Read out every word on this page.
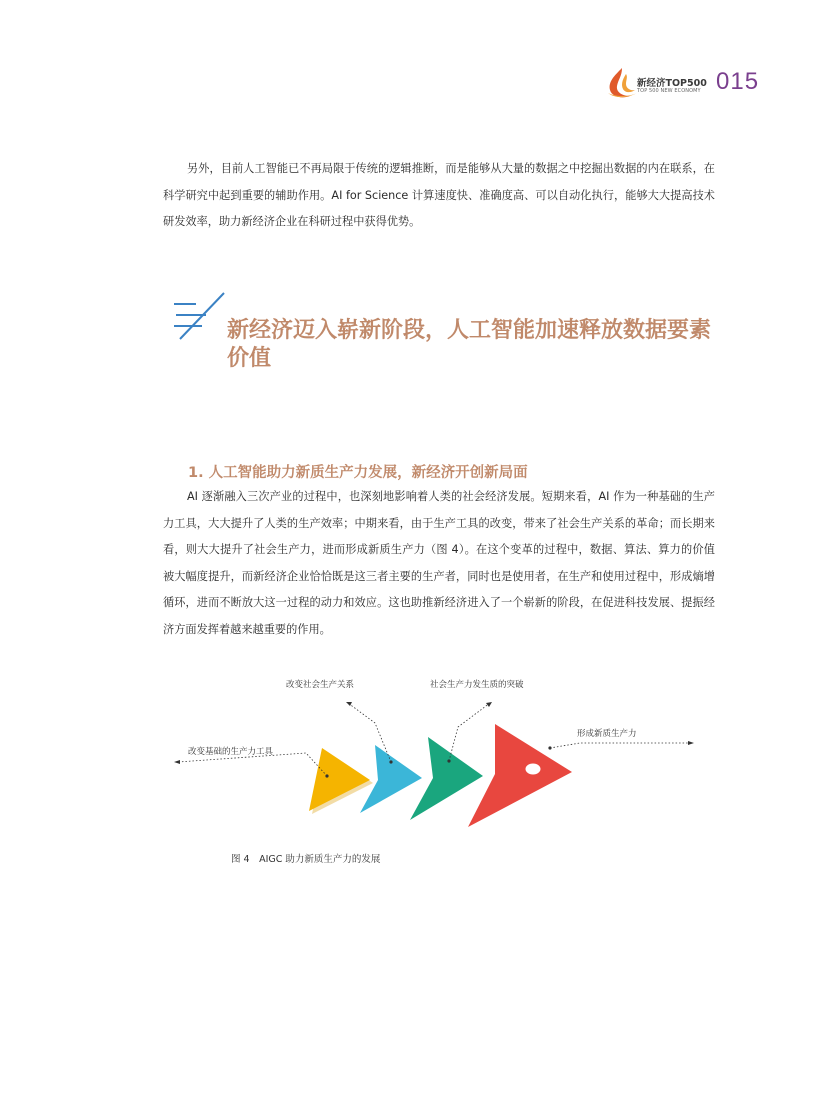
新经济TOP500
TOP 500 NEW ECONOMY 015

另外，目前人工智能已不再局限于传统的逻辑推断，而是能够从大量的数据之中挖掘出数据的内在联系，在科学研究中起到重要的辅助作用。AI for Science 计算速度快、准确度高、可以自动化执行，能够大大提高技术研发效率，助力新经济企业在科研过程中获得优势。

新经济迈入崭新阶段，人工智能加速释放数据要素价值
1. 人工智能助力新质生产力发展，新经济开创新局面

AI 逐渐融入三次产业的过程中，也深刻地影响着人类的社会经济发展。短期来看，AI 作为一种基础的生产力工具，大大提升了人类的生产效率；中期来看，由于生产工具的改变，带来了社会生产关系的革命；而长期来看，则大大提升了社会生产力，进而形成新质生产力（图 4）。在这个变革的过程中，数据、算法、算力的价值被大幅度提升，而新经济企业恰恰既是这三者主要的生产者，同时也是使用者，在生产和使用过程中，形成熵增循环，进而不断放大这一过程的动力和效应。这也助推新经济进入了一个崭新的阶段，在促进科技发展、提振经济方面发挥着越来越重要的作用。

改变社会生产关系	社会生产力发生质的突破
改变基础的生产力工具
形成新质生产力
图 4　AIGC 助力新质生产力的发展
